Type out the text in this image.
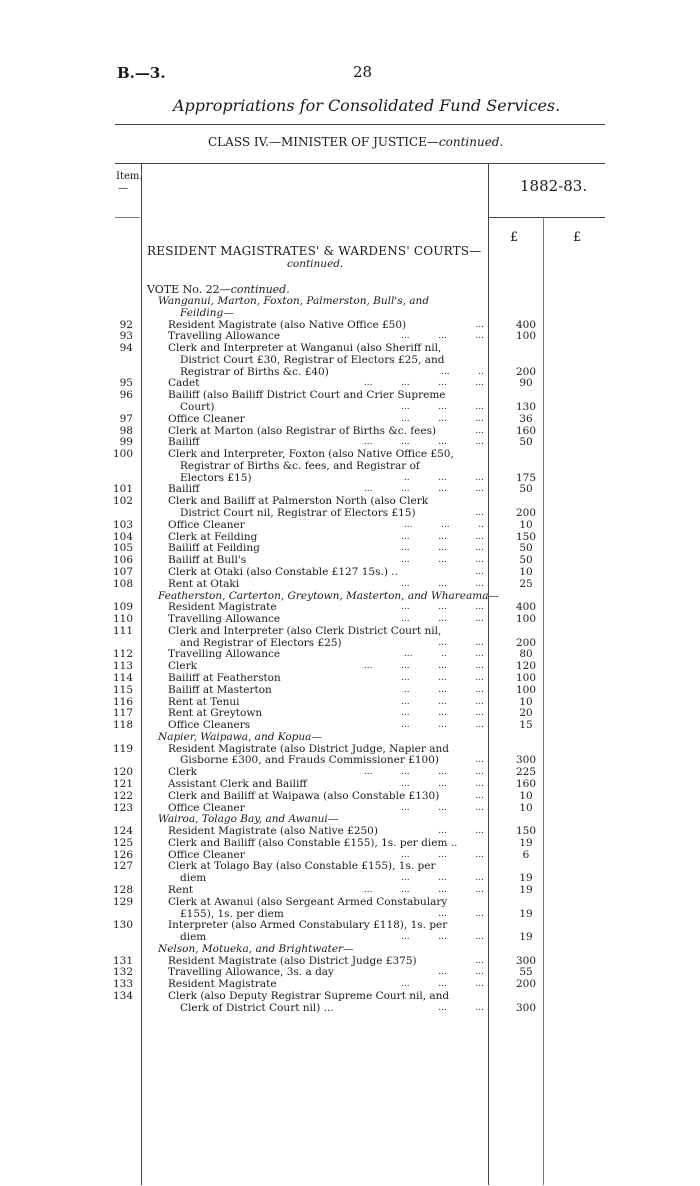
B.—3.	28
Appropriations for Consolidated Fund Services.
CLASS IV.—MINISTER OF JUSTICE—continued.
Item.
—	1882-83.
£	£
RESIDENT MAGISTRATES' & WARDENS' COURTS—
continued.
VOTE No. 22—continued.
Wanganui, Marton, Foxton, Palmerston, Bull's, and
Feilding—
92	Resident Magistrate (also Native Office £50)	...	400
93	Travelling Allowance	...          ...          ...	100
94	Clerk and Interpreter at Wanganui (also Sheriff nil,
District Court £30, Registrar of Electors £25, and
Registrar of Births &c. £40)	...          ..	200
95	Cadet	...          ...          ...          ...	90
96	Bailiff (also Bailiff District Court and Crier Supreme
Court)	...          ...          ...	130
97	Office Cleaner	...          ...          ...	36
98	Clerk at Marton (also Registrar of Births &c. fees)	...	160
99	Bailiff	...          ...          ...          ...	50
100	Clerk and Interpreter, Foxton (also Native Office £50,
Registrar of Births &c. fees, and Registrar of
Electors £15)	..          ...          ...	175
101	Bailiff	...          ...          ...          ...	50
102	Clerk and Bailiff at Palmerston North (also Clerk
District Court nil, Registrar of Electors £15)	...	200
103	Office Cleaner	...          ...          ..	10
104	Clerk at Feilding	...          ...          ...	150
105	Bailiff at Feilding	...          ...          ...	50
106	Bailiff at Bull's	...          ...          ...	50
107	Clerk at Otaki (also Constable £127 15s.) ..	...	10
108	Rent at Otaki	...          ...          ...	25
Featherston, Carterton, Greytown, Masterton, and Whareama—
109	Resident Magistrate	...          ...          ...	400
110	Travelling Allowance	...          ...          ...	100
111	Clerk and Interpreter (also Clerk District Court nil,
and Registrar of Electors £25)	...          ...	200
112	Travelling Allowance	...          ..          ...	80
113	Clerk	...          ...          ...          ...	120
114	Bailiff at Featherston	...          ...          ...	100
115	Bailiff at Masterton	..          ...          ...	100
116	Rent at Tenui	...          ...          ...	10
117	Rent at Greytown	...          ...          ...	20
118	Office Cleaners	...          ...          ...	15
Napier, Waipawa, and Kopua—
119	Resident Magistrate (also District Judge, Napier and
Gisborne £300, and Frauds Commissioner £100)	...	300
120	Clerk	...          ...          ...          ...	225
121	Assistant Clerk and Bailiff	...          ...          ...	160
122	Clerk and Bailiff at Waipawa (also Constable £130)	...	10
123	Office Cleaner	...          ...          ...	10
Wairoa, Tolago Bay, and Awanui—
124	Resident Magistrate (also Native £250)	...          ...	150
125	Clerk and Bailiff (also Constable £155), 1s. per diem ..	19
126	Office Cleaner	...          ...          ...	6
127	Clerk at Tolago Bay (also Constable £155), 1s. per
diem	...          ...          ...	19
128	Rent	...          ...          ...          ...	19
129	Clerk at Awanui (also Sergeant Armed Constabulary
£155), 1s. per diem	...          ...	19
130	Interpreter (also Armed Constabulary £118), 1s. per
diem	...          ...          ...	19
Nelson, Motueka, and Brightwater—
131	Resident Magistrate (also District Judge £375)	...	300
132	Travelling Allowance, 3s. a day	...          ...	55
133	Resident Magistrate	...          ...          ...	200
134	Clerk (also Deputy Registrar Supreme Court nil, and
Clerk of District Court nil) ...	...          ...	300
